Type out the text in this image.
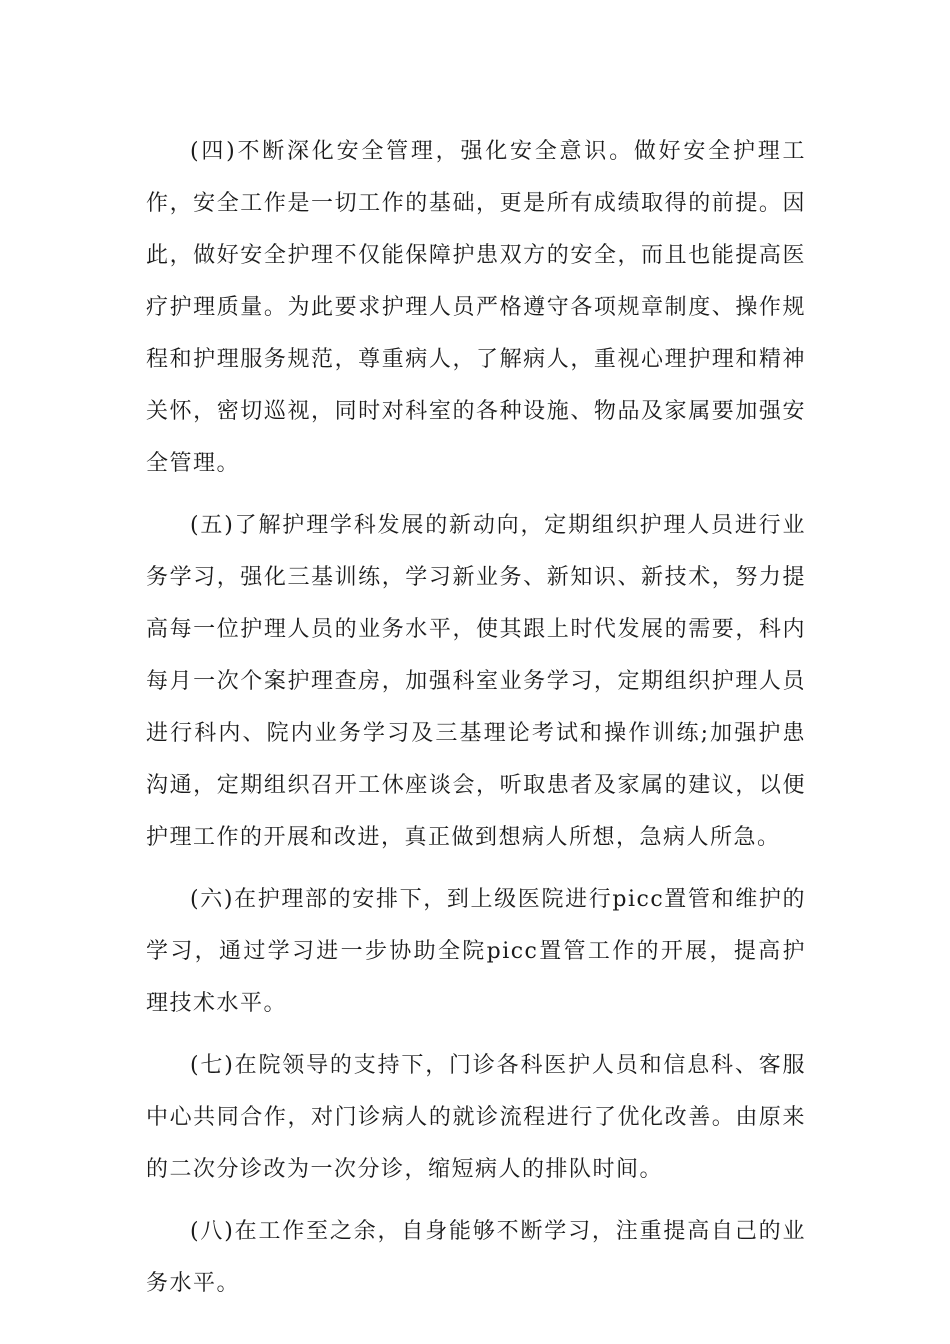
(四)不断深化安全管理，强化安全意识。做好安全护理工作，安全工作是一切工作的基础，更是所有成绩取得的前提。因此，做好安全护理不仅能保障护患双方的安全，而且也能提高医疗护理质量。为此要求护理人员严格遵守各项规章制度、操作规程和护理服务规范，尊重病人，了解病人，重视心理护理和精神关怀，密切巡视，同时对科室的各种设施、物品及家属要加强安全管理。

(五)了解护理学科发展的新动向，定期组织护理人员进行业务学习，强化三基训练，学习新业务、新知识、新技术，努力提高每一位护理人员的业务水平，使其跟上时代发展的需要，科内每月一次个案护理查房，加强科室业务学习，定期组织护理人员进行科内、院内业务学习及三基理论考试和操作训练;加强护患沟通，定期组织召开工休座谈会，听取患者及家属的建议，以便护理工作的开展和改进，真正做到想病人所想，急病人所急。

(六)在护理部的安排下，到上级医院进行picc置管和维护的学习，通过学习进一步协助全院picc置管工作的开展，提高护理技术水平。

(七)在院领导的支持下，门诊各科医护人员和信息科、客服中心共同合作，对门诊病人的就诊流程进行了优化改善。由原来的二次分诊改为一次分诊，缩短病人的排队时间。

(八)在工作至之余，自身能够不断学习，注重提高自己的业务水平。
